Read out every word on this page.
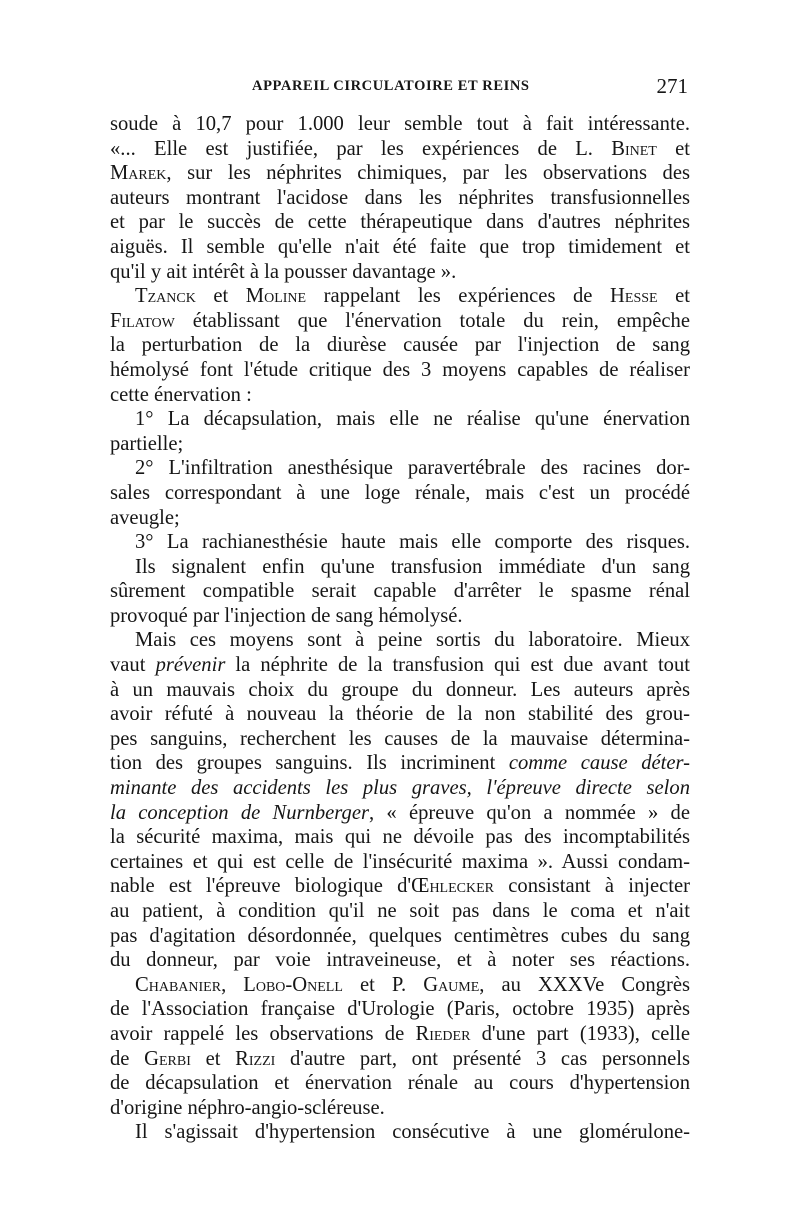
APPAREIL CIRCULATOIRE ET REINS	271
soude à 10,7 pour 1.000 leur semble tout à fait intéressante.
«... Elle est justifiée, par les expériences de L. Binet et
Marek, sur les néphrites chimiques, par les observations des
auteurs montrant l'acidose dans les néphrites transfusionnelles
et par le succès de cette thérapeutique dans d'autres néphrites
aiguës. Il semble qu'elle n'ait été faite que trop timidement et
qu'il y ait intérêt à la pousser davantage ».
Tzanck et Moline rappelant les expériences de Hesse et
Filatow établissant que l'énervation totale du rein, empêche
la perturbation de la diurèse causée par l'injection de sang
hémolysé font l'étude critique des 3 moyens capables de réaliser
cette énervation :
1° La décapsulation, mais elle ne réalise qu'une énervation
partielle;
2° L'infiltration anesthésique paravertébrale des racines dor-
sales correspondant à une loge rénale, mais c'est un procédé
aveugle;
3° La rachianesthésie haute mais elle comporte des risques.
Ils signalent enfin qu'une transfusion immédiate d'un sang
sûrement compatible serait capable d'arrêter le spasme rénal
provoqué par l'injection de sang hémolysé.
Mais ces moyens sont à peine sortis du laboratoire. Mieux
vaut prévenir la néphrite de la transfusion qui est due avant tout
à un mauvais choix du groupe du donneur. Les auteurs après
avoir réfuté à nouveau la théorie de la non stabilité des grou-
pes sanguins, recherchent les causes de la mauvaise détermina-
tion des groupes sanguins. Ils incriminent comme cause déter-
minante des accidents les plus graves, l'épreuve directe selon
la conception de Nurnberger, « épreuve qu'on a nommée » de
la sécurité maxima, mais qui ne dévoile pas des incomptabilités
certaines et qui est celle de l'insécurité maxima ». Aussi condam-
nable est l'épreuve biologique d'Œhlecker consistant à injecter
au patient, à condition qu'il ne soit pas dans le coma et n'ait
pas d'agitation désordonnée, quelques centimètres cubes du sang
du donneur, par voie intraveineuse, et à noter ses réactions.
Chabanier, Lobo-Onell et P. Gaume, au XXXVe Congrès
de l'Association française d'Urologie (Paris, octobre 1935) après
avoir rappelé les observations de Rieder d'une part (1933), celle
de Gerbi et Rizzi d'autre part, ont présenté 3 cas personnels
de décapsulation et énervation rénale au cours d'hypertension
d'origine néphro-angio-scléreuse.
Il s'agissait d'hypertension consécutive à une glomérulone-
